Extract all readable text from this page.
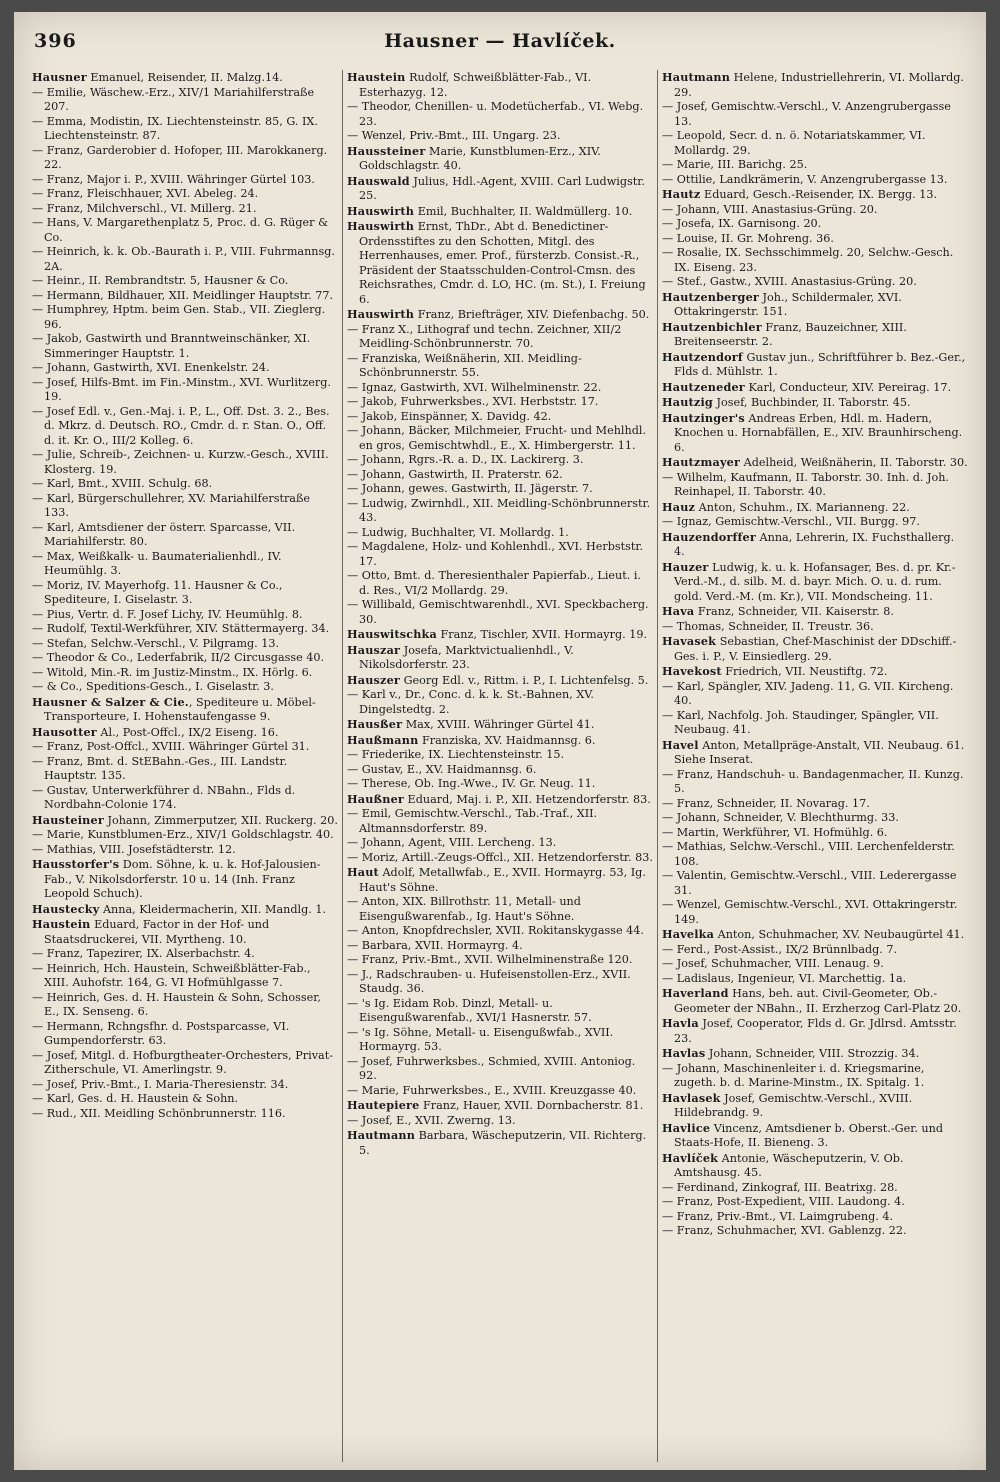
396	Hausner — Havlíček.

Hausner Emanuel, Reisender, II. Malzg.14.

— Emilie, Wäschew.-Erz., XIV/1 Mariahilferstraße 207.

— Emma, Modistin, IX. Liechtensteinstr. 85, G. IX. Liechtensteinstr. 87.

— Franz, Garderobier d. Hofoper, III. Marokkanerg. 22.

— Franz, Major i. P., XVIII. Währinger Gürtel 103.

— Franz, Fleischhauer, XVI. Abeleg. 24.

— Franz, Milchverschl., VI. Millerg. 21.

— Hans, V. Margarethenplatz 5, Proc. d. G. Rüger & Co.

— Heinrich, k. k. Ob.-Baurath i. P., VIII. Fuhrmannsg. 2A.

— Heinr., II. Rembrandtstr. 5, Hausner & Co.

— Hermann, Bildhauer, XII. Meidlinger Hauptstr. 77.

— Humphrey, Hptm. beim Gen. Stab., VII. Zieglerg. 96.

— Jakob, Gastwirth und Branntweinschänker, XI. Simmeringer Hauptstr. 1.

— Johann, Gastwirth, XVI. Enenkelstr. 24.

— Josef, Hilfs-Bmt. im Fin.-Minstm., XVI. Wurlitzerg. 19.

— Josef Edl. v., Gen.-Maj. i. P., L., Off. Dst. 3. 2., Bes. d. Mkrz. d. Deutsch. RO., Cmdr. d. r. Stan. O., Off. d. it. Kr. O., III/2 Kolleg. 6.

— Julie, Schreib-, Zeichnen- u. Kurzw.-Gesch., XVIII. Klosterg. 19.

— Karl, Bmt., XVIII. Schulg. 68.

— Karl, Bürgerschullehrer, XV. Mariahilferstraße 133.

— Karl, Amtsdiener der österr. Sparcasse, VII. Mariahilferstr. 80.

— Max, Weißkalk- u. Baumaterialienhdl., IV. Heumühlg. 3.

— Moriz, IV. Mayerhofg. 11. Hausner & Co., Spediteure, I. Giselastr. 3.

— Pius, Vertr. d. F. Josef Lichy, IV. Heumühlg. 8.

— Rudolf, Textil-Werkführer, XIV. Stättermayerg. 34.

— Stefan, Selchw.-Verschl., V. Pilgramg. 13.

— Theodor & Co., Lederfabrik, II/2 Circusgasse 40.

— Witold, Min.-R. im Justiz-Minstm., IX. Hörlg. 6.

— & Co., Speditions-Gesch., I. Giselastr. 3.

Hausner & Salzer & Cie., Spediteure u. Möbel-Transporteure, I. Hohenstaufengasse 9.

Hausotter Al., Post-Offcl., IX/2 Eiseng. 16.

— Franz, Post-Offcl., XVIII. Währinger Gürtel 31.

— Franz, Bmt. d. StEBahn.-Ges., III. Landstr. Hauptstr. 135.

— Gustav, Unterwerkführer d. NBahn., Flds d. Nordbahn-Colonie 174.

Hausteiner Johann, Zimmerputzer, XII. Ruckerg. 20.

— Marie, Kunstblumen-Erz., XIV/1 Goldschlagstr. 40.

— Mathias, VIII. Josefstädterstr. 12.

Hausstorfer's Dom. Söhne, k. u. k. Hof-Jalousien-Fab., V. Nikolsdorferstr. 10 u. 14 (Inh. Franz Leopold Schuch).

Haustecky Anna, Kleidermacherin, XII. Mandlg. 1.

Haustein Eduard, Factor in der Hof- und Staatsdruckerei, VII. Myrtheng. 10.

— Franz, Tapezirer, IX. Alserbachstr. 4.

— Heinrich, Hch. Haustein, Schweißblätter-Fab., XIII. Auhofstr. 164, G. VI Hofmühlgasse 7.

— Heinrich, Ges. d. H. Haustein & Sohn, Schosser, E., IX. Senseng. 6.

— Hermann, Rchngsfhr. d. Postsparcasse, VI. Gumpendorferstr. 63.

— Josef, Mitgl. d. Hofburgtheater-Orchesters, Privat-Zitherschule, VI. Amerlingstr. 9.

— Josef, Priv.-Bmt., I. Maria-Theresienstr. 34.

— Karl, Ges. d. H. Haustein & Sohn.

— Rud., XII. Meidling Schönbrunnerstr. 116.

Haustein Rudolf, Schweißblätter-Fab., VI. Esterhazyg. 12.

— Theodor, Chenillen- u. Modetücherfab., VI. Webg. 23.

— Wenzel, Priv.-Bmt., III. Ungarg. 23.

Haussteiner Marie, Kunstblumen-Erz., XIV. Goldschlagstr. 40.

Hauswald Julius, Hdl.-Agent, XVIII. Carl Ludwigstr. 25.

Hauswirth Emil, Buchhalter, II. Waldmüllerg. 10.

Hauswirth Ernst, ThDr., Abt d. Benedictiner-Ordensstiftes zu den Schotten, Mitgl. des Herrenhauses, emer. Prof., fürsterzb. Consist.-R., Präsident der Staatsschulden-Control-Cmsn. des Reichsrathes, Cmdr. d. LO, HC. (m. St.), I. Freiung 6.

Hauswirth Franz, Briefträger, XIV. Diefenbachg. 50.

— Franz X., Lithograf und techn. Zeichner, XII/2 Meidling-Schönbrunnerstr. 70.

— Franziska, Weißnäherin, XII. Meidling-Schönbrunnerstr. 55.

— Ignaz, Gastwirth, XVI. Wilhelminenstr. 22.

— Jakob, Fuhrwerksbes., XVI. Herbststr. 17.

— Jakob, Einspänner, X. Davidg. 42.

— Johann, Bäcker, Milchmeier, Frucht- und Mehlhdl. en gros, Gemischtwhdl., E., X. Himbergerstr. 11.

— Johann, Rgrs.-R. a. D., IX. Lackirerg. 3.

— Johann, Gastwirth, II. Praterstr. 62.

— Johann, gewes. Gastwirth, II. Jägerstr. 7.

— Ludwig, Zwirnhdl., XII. Meidling-Schönbrunnerstr. 43.

— Ludwig, Buchhalter, VI. Mollardg. 1.

— Magdalene, Holz- und Kohlenhdl., XVI. Herbststr. 17.

— Otto, Bmt. d. Theresienthaler Papierfab., Lieut. i. d. Res., VI/2 Mollardg. 29.

— Willibald, Gemischtwarenhdl., XVI. Speckbacherg. 30.

Hauswitschka Franz, Tischler, XVII. Hormayrg. 19.

Hauszar Josefa, Marktvictualienhdl., V. Nikolsdorferstr. 23.

Hauszer Georg Edl. v., Rittm. i. P., I. Lichtenfelsg. 5.

— Karl v., Dr., Conc. d. k. k. St.-Bahnen, XV. Dingelstedtg. 2.

Hausßer Max, XVIII. Währinger Gürtel 41.

Haußmann Franziska, XV. Haidmannsg. 6.

— Friederike, IX. Liechtensteinstr. 15.

— Gustav, E., XV. Haidmannsg. 6.

— Therese, Ob. Ing.-Wwe., IV. Gr. Neug. 11.

Haußner Eduard, Maj. i. P., XII. Hetzendorferstr. 83.

— Emil, Gemischtw.-Verschl., Tab.-Traf., XII. Altmannsdorferstr. 89.

— Johann, Agent, VIII. Lercheng. 13.

— Moriz, Artill.-Zeugs-Offcl., XII. Hetzendorferstr. 83.

Haut Adolf, Metallwfab., E., XVII. Hormayrg. 53, Ig. Haut's Söhne.

— Anton, XIX. Billrothstr. 11, Metall- und Eisengußwarenfab., Ig. Haut's Söhne.

— Anton, Knopfdrechsler, XVII. Rokitanskygasse 44.

— Barbara, XVII. Hormayrg. 4.

— Franz, Priv.-Bmt., XVII. Wilhelminenstraße 120.

— J., Radschrauben- u. Hufeisenstollen-Erz., XVII. Staudg. 36.

— 's Ig. Eidam Rob. Dinzl, Metall- u. Eisengußwarenfab., XVI/1 Hasnerstr. 57.

— 's Ig. Söhne, Metall- u. Eisengußwfab., XVII. Hormayrg. 53.

— Josef, Fuhrwerksbes., Schmied, XVIII. Antoniog. 92.

— Marie, Fuhrwerksbes., E., XVIII. Kreuzgasse 40.

Hautepiere Franz, Hauer, XVII. Dornbacherstr. 81.

— Josef, E., XVII. Zwerng. 13.

Hautmann Barbara, Wäscheputzerin, VII. Richterg. 5.

Hautmann Helene, Industriellehrerin, VI. Mollardg. 29.

— Josef, Gemischtw.-Verschl., V. Anzengrubergasse 13.

— Leopold, Secr. d. n. ö. Notariatskammer, VI. Mollardg. 29.

— Marie, III. Barichg. 25.

— Ottilie, Landkrämerin, V. Anzengrubergasse 13.

Hautz Eduard, Gesch.-Reisender, IX. Bergg. 13.

— Johann, VIII. Anastasius-Grüng. 20.

— Josefa, IX. Garnisong. 20.

— Louise, II. Gr. Mohreng. 36.

— Rosalie, IX. Sechsschimmelg. 20, Selchw.-Gesch. IX. Eiseng. 23.

— Stef., Gastw., XVIII. Anastasius-Grüng. 20.

Hautzenberger Joh., Schildermaler, XVI. Ottakringerstr. 151.

Hautzenbichler Franz, Bauzeichner, XIII. Breitenseerstr. 2.

Hautzendorf Gustav jun., Schriftführer b. Bez.-Ger., Flds d. Mühlstr. 1.

Hautzeneder Karl, Conducteur, XIV. Pereirag. 17.

Hautzig Josef, Buchbinder, II. Taborstr. 45.

Hautzinger's Andreas Erben, Hdl. m. Hadern, Knochen u. Hornabfällen, E., XIV. Braunhirscheng. 6.

Hautzmayer Adelheid, Weißnäherin, II. Taborstr. 30.

— Wilhelm, Kaufmann, II. Taborstr. 30. Inh. d. Joh. Reinhapel, II. Taborstr. 40.

Hauz Anton, Schuhm., IX. Marianneng. 22.

— Ignaz, Gemischtw.-Verschl., VII. Burgg. 97.

Hauzendorffer Anna, Lehrerin, IX. Fuchsthallerg. 4.

Hauzer Ludwig, k. u. k. Hofansager, Bes. d. pr. Kr.-Verd.-M., d. silb. M. d. bayr. Mich. O. u. d. rum. gold. Verd.-M. (m. Kr.), VII. Mondscheing. 11.

Hava Franz, Schneider, VII. Kaiserstr. 8.

— Thomas, Schneider, II. Treustr. 36.

Havasek Sebastian, Chef-Maschinist der DDschiff.-Ges. i. P., V. Einsiedlerg. 29.

Havekost Friedrich, VII. Neustiftg. 72.

— Karl, Spängler, XIV. Jadeng. 11, G. VII. Kircheng. 40.

— Karl, Nachfolg. Joh. Staudinger, Spängler, VII. Neubaug. 41.

Havel Anton, Metallpräge-Anstalt, VII. Neubaug. 61. Siehe Inserat.

— Franz, Handschuh- u. Bandagenmacher, II. Kunzg. 5.

— Franz, Schneider, II. Novarag. 17.

— Johann, Schneider, V. Blechthurmg. 33.

— Martin, Werkführer, VI. Hofmühlg. 6.

— Mathias, Selchw.-Verschl., VIII. Lerchenfelderstr. 108.

— Valentin, Gemischtw.-Verschl., VIII. Lederergasse 31.

— Wenzel, Gemischtw.-Verschl., XVI. Ottakringerstr. 149.

Havelka Anton, Schuhmacher, XV. Neubaugürtel 41.

— Ferd., Post-Assist., IX/2 Brünnlbadg. 7.

— Josef, Schuhmacher, VIII. Lenaug. 9.

— Ladislaus, Ingenieur, VI. Marchettig. 1a.

Haverland Hans, beh. aut. Civil-Geometer, Ob.-Geometer der NBahn., II. Erzherzog Carl-Platz 20.

Havla Josef, Cooperator, Flds d. Gr. Jdlrsd. Amtsstr. 23.

Havlas Johann, Schneider, VIII. Strozzig. 34.

— Johann, Maschinenleiter i. d. Kriegsmarine, zugeth. b. d. Marine-Minstm., IX. Spitalg. 1.

Havlasek Josef, Gemischtw.-Verschl., XVIII. Hildebrandg. 9.

Havlice Vincenz, Amtsdiener b. Oberst.-Ger. und Staats-Hofe, II. Bieneng. 3.

Havlíček Antonie, Wäscheputzerin, V. Ob. Amtshausg. 45.

— Ferdinand, Zinkograf, III. Beatrixg. 28.

— Franz, Post-Expedient, VIII. Laudong. 4.

— Franz, Priv.-Bmt., VI. Laimgrubeng. 4.

— Franz, Schuhmacher, XVI. Gablenzg. 22.
